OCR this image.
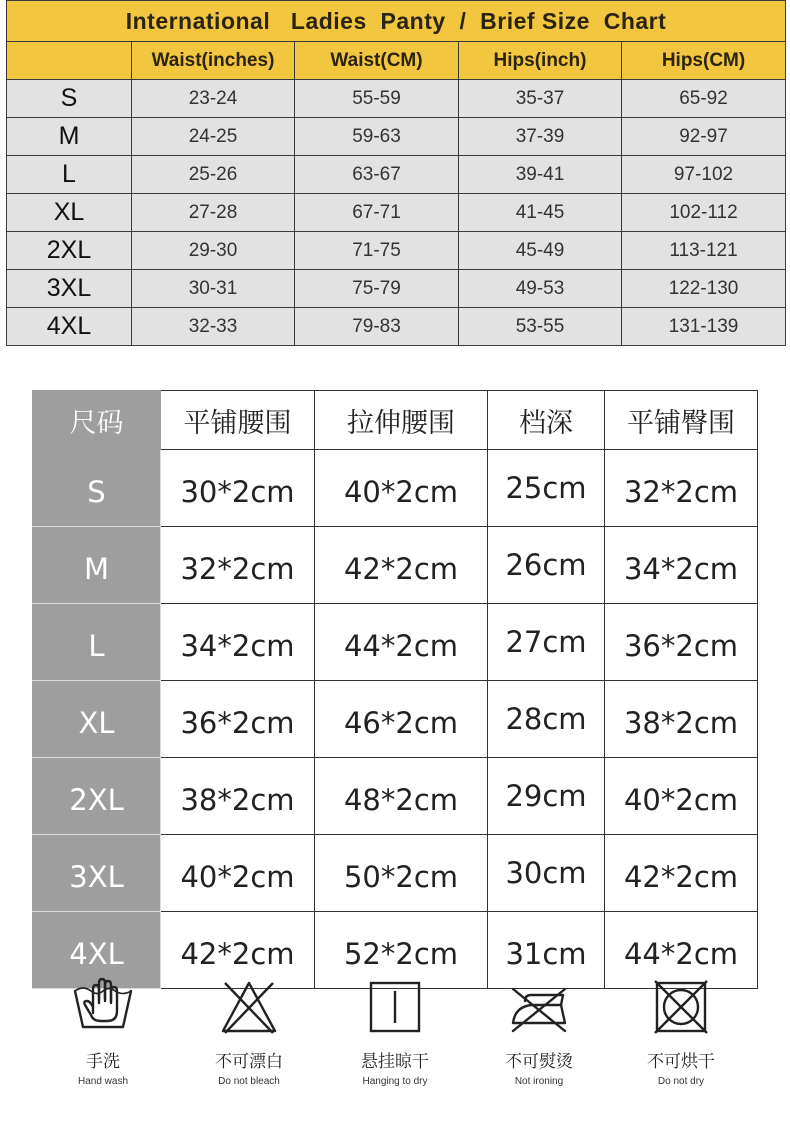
International   Ladies  Panty  /  Brief Size  Chart				
	Waist(inches)	Waist(CM)	Hips(inch)	Hips(CM)
S	23-24	55-59	35-37	65-92
M	24-25	59-63	37-39	92-97
L	25-26	63-67	39-41	97-102
XL	27-28	67-71	41-45	102-112
2XL	29-30	71-75	45-49	113-121
3XL	30-31	75-79	49-53	122-130
4XL	32-33	79-83	53-55	131-139
尺码	平铺腰围	拉伸腰围	档深	平铺臀围
S	30*2cm	40*2cm	25cm	32*2cm
M	32*2cm	42*2cm	26cm	34*2cm
L	34*2cm	44*2cm	27cm	36*2cm
XL	36*2cm	46*2cm	28cm	38*2cm
2XL	38*2cm	48*2cm	29cm	40*2cm
3XL	40*2cm	50*2cm	30cm	42*2cm
4XL	42*2cm	52*2cm	31cm	44*2cm
手洗
Hand wash
不可漂白
Do not bleach
悬挂晾干
Hanging to dry
不可熨烫
Not ironing
不可烘干
Do not dry
